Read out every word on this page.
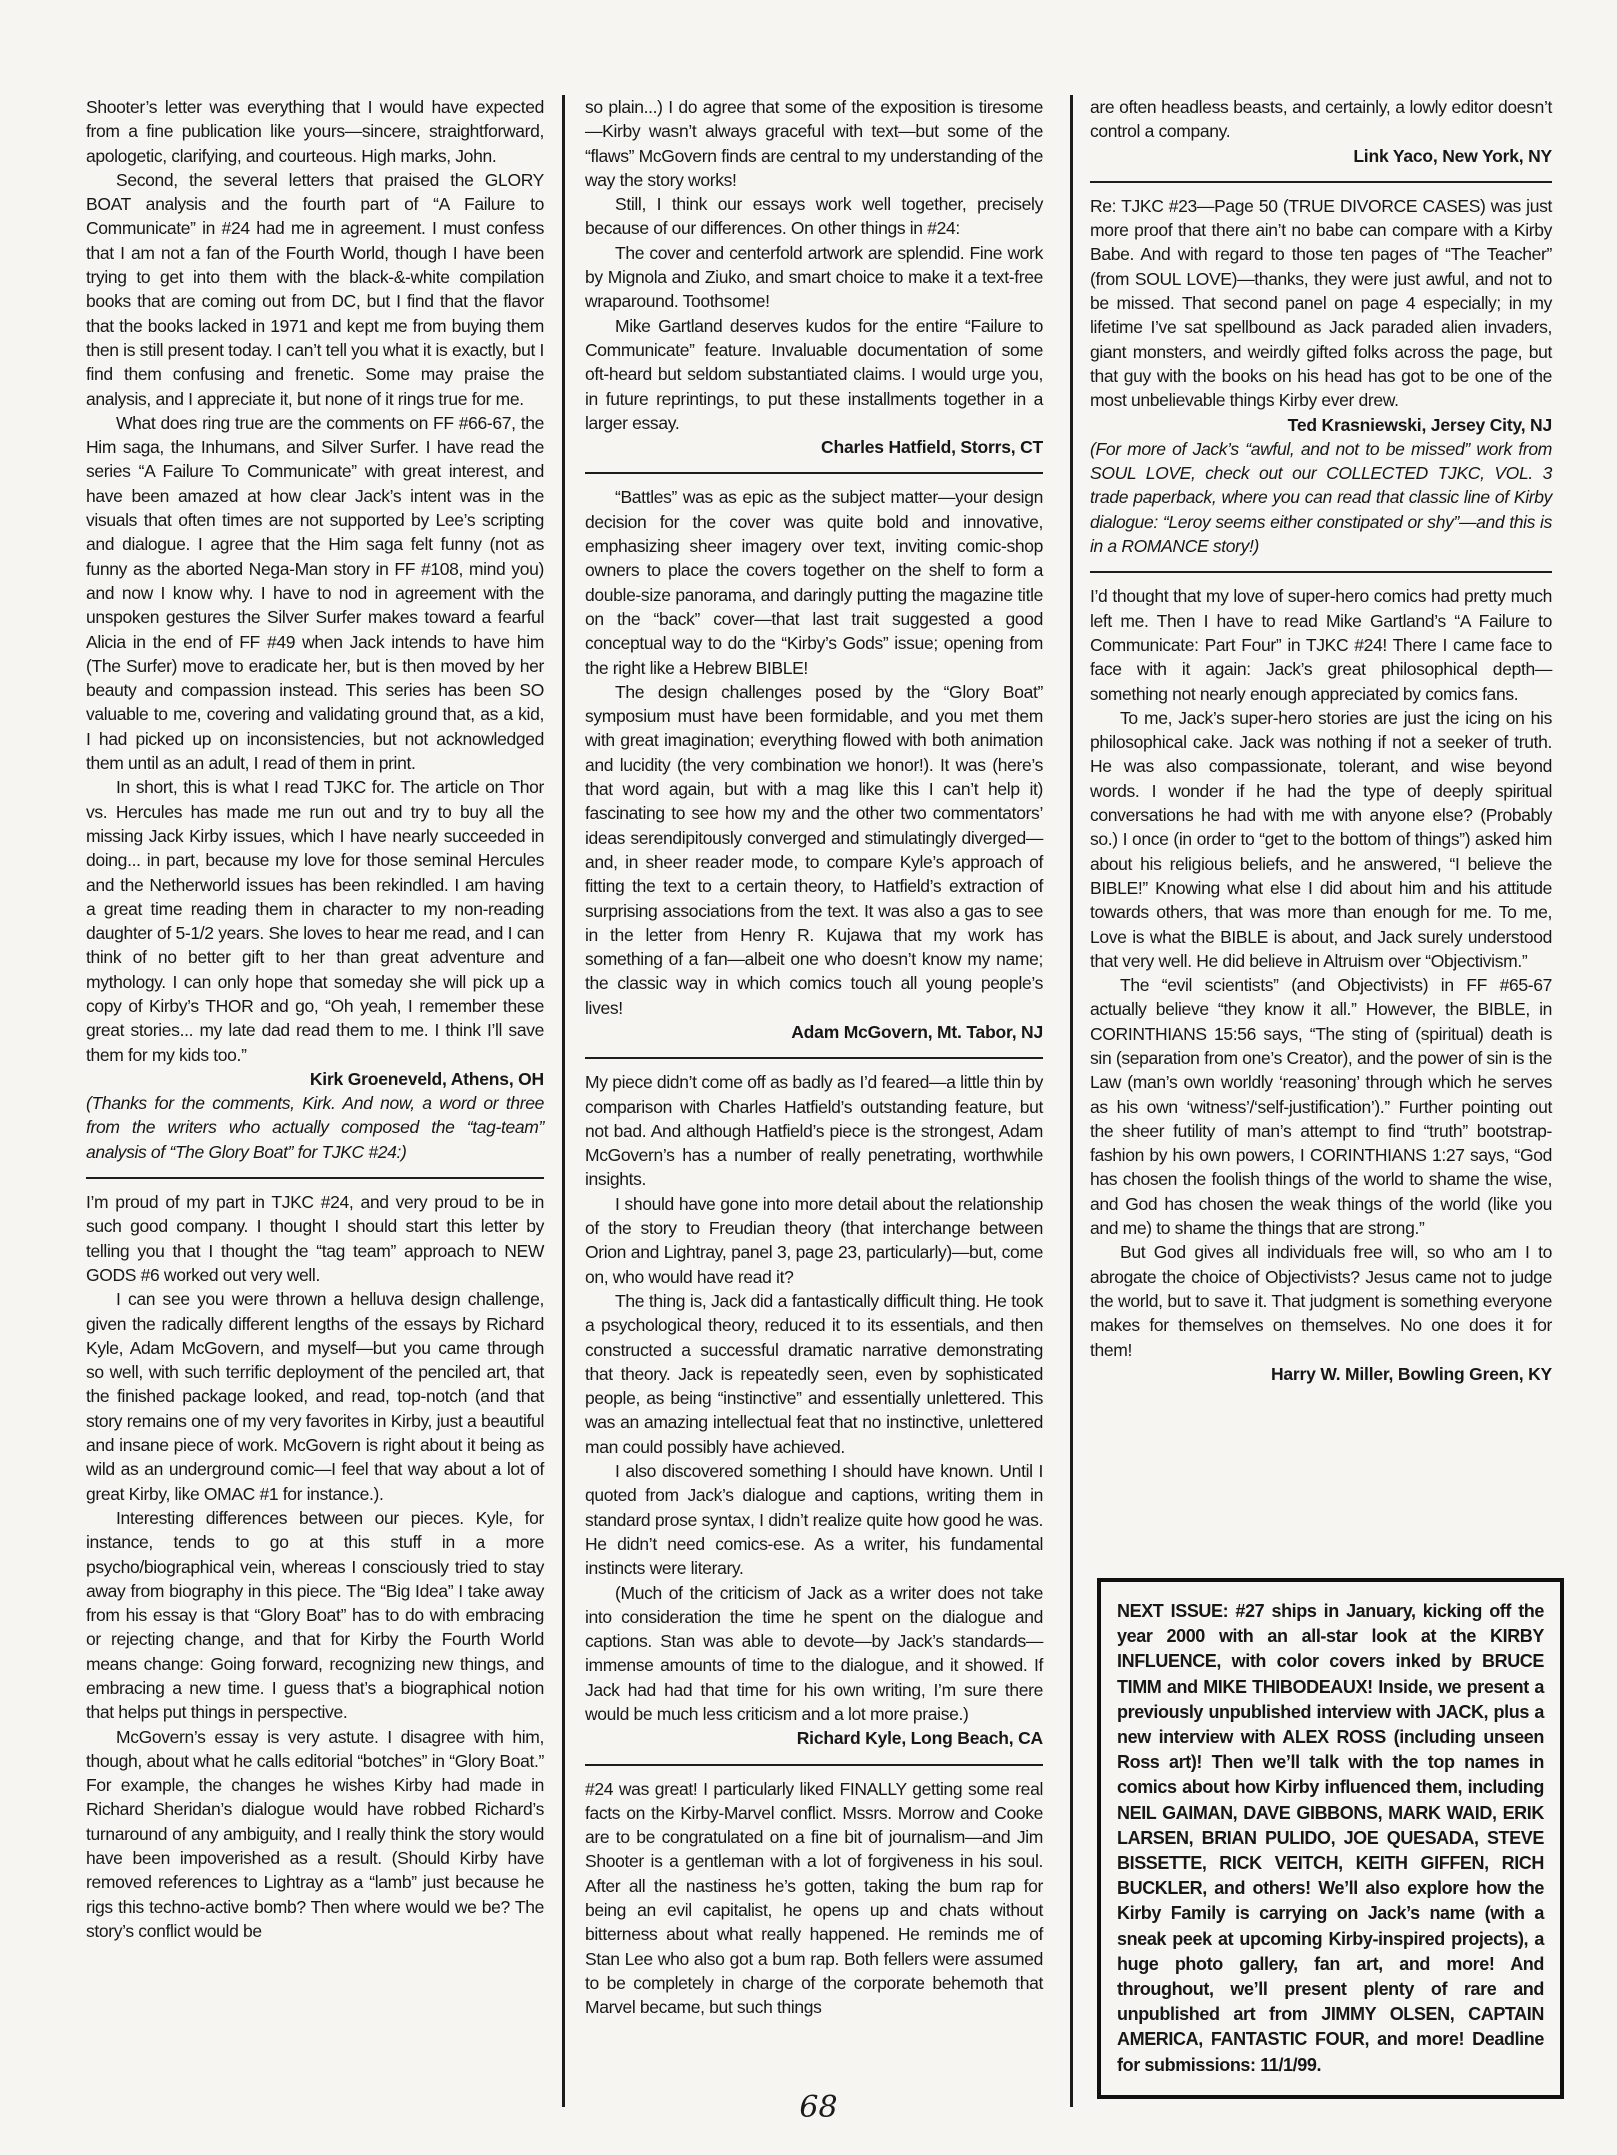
Shooter’s letter was everything that I would have expected from a fine publication like yours—sincere, straightforward, apologetic, clarifying, and courteous. High marks, John.

Second, the several letters that praised the GLORY BOAT analysis and the fourth part of “A Failure to Communicate” in #24 had me in agreement. I must confess that I am not a fan of the Fourth World, though I have been trying to get into them with the black-&-white compilation books that are coming out from DC, but I find that the flavor that the books lacked in 1971 and kept me from buying them then is still present today. I can’t tell you what it is exactly, but I find them confusing and frenetic. Some may praise the analysis, and I appreciate it, but none of it rings true for me.

What does ring true are the comments on FF #66-67, the Him saga, the Inhumans, and Silver Surfer. I have read the series “A Failure To Communicate” with great interest, and have been amazed at how clear Jack’s intent was in the visuals that often times are not supported by Lee’s scripting and dialogue. I agree that the Him saga felt funny (not as funny as the aborted Nega-Man story in FF #108, mind you) and now I know why. I have to nod in agreement with the unspoken gestures the Silver Surfer makes toward a fearful Alicia in the end of FF #49 when Jack intends to have him (The Surfer) move to eradicate her, but is then moved by her beauty and compassion instead. This series has been SO valuable to me, covering and validating ground that, as a kid, I had picked up on inconsistencies, but not acknowledged them until as an adult, I read of them in print.

In short, this is what I read TJKC for. The article on Thor vs. Hercules has made me run out and try to buy all the missing Jack Kirby issues, which I have nearly succeeded in doing... in part, because my love for those seminal Hercules and the Netherworld issues has been rekindled. I am having a great time reading them in character to my non-reading daughter of 5-1/2 years. She loves to hear me read, and I can think of no better gift to her than great adventure and mythology. I can only hope that someday she will pick up a copy of Kirby’s THOR and go, “Oh yeah, I remember these great stories... my late dad read them to me. I think I’ll save them for my kids too.”

Kirk Groeneveld, Athens, OH

(Thanks for the comments, Kirk. And now, a word or three from the writers who actually composed the “tag-team” analysis of “The Glory Boat” for TJKC #24:)

I’m proud of my part in TJKC #24, and very proud to be in such good company. I thought I should start this letter by telling you that I thought the “tag team” approach to NEW GODS #6 worked out very well.

I can see you were thrown a helluva design challenge, given the radically different lengths of the essays by Richard Kyle, Adam McGovern, and myself—but you came through so well, with such terrific deployment of the penciled art, that the finished package looked, and read, top-notch (and that story remains one of my very favorites in Kirby, just a beautiful and insane piece of work. McGovern is right about it being as wild as an underground comic—I feel that way about a lot of great Kirby, like OMAC #1 for instance.).

Interesting differences between our pieces. Kyle, for instance, tends to go at this stuff in a more psycho/biographical vein, whereas I consciously tried to stay away from biography in this piece. The “Big Idea” I take away from his essay is that “Glory Boat” has to do with embracing or rejecting change, and that for Kirby the Fourth World means change: Going forward, recognizing new things, and embracing a new time. I guess that’s a biographical notion that helps put things in perspective.

McGovern’s essay is very astute. I disagree with him, though, about what he calls editorial “botches” in “Glory Boat.” For example, the changes he wishes Kirby had made in Richard Sheridan’s dialogue would have robbed Richard’s turnaround of any ambiguity, and I really think the story would have been impoverished as a result. (Should Kirby have removed references to Lightray as a “lamb” just because he rigs this techno-active bomb? Then where would we be? The story’s conflict would be

so plain...) I do agree that some of the exposition is tiresome—Kirby wasn’t always graceful with text—but some of the “flaws” McGovern finds are central to my understanding of the way the story works!

Still, I think our essays work well together, precisely because of our differences. On other things in #24:

The cover and centerfold artwork are splendid. Fine work by Mignola and Ziuko, and smart choice to make it a text-free wraparound. Toothsome!

Mike Gartland deserves kudos for the entire “Failure to Communicate” feature. Invaluable documentation of some oft-heard but seldom substantiated claims. I would urge you, in future reprintings, to put these installments together in a larger essay.

Charles Hatfield, Storrs, CT

“Battles” was as epic as the subject matter—your design decision for the cover was quite bold and innovative, emphasizing sheer imagery over text, inviting comic-shop owners to place the covers together on the shelf to form a double-size panorama, and daringly putting the magazine title on the “back” cover—that last trait suggested a good conceptual way to do the “Kirby’s Gods” issue; opening from the right like a Hebrew BIBLE!

The design challenges posed by the “Glory Boat” symposium must have been formidable, and you met them with great imagination; everything flowed with both animation and lucidity (the very combination we honor!). It was (here’s that word again, but with a mag like this I can’t help it) fascinating to see how my and the other two commentators’ ideas serendipitously converged and stimulatingly diverged—and, in sheer reader mode, to compare Kyle’s approach of fitting the text to a certain theory, to Hatfield’s extraction of surprising associations from the text. It was also a gas to see in the letter from Henry R. Kujawa that my work has something of a fan—albeit one who doesn’t know my name; the classic way in which comics touch all young people’s lives!

Adam McGovern, Mt. Tabor, NJ

My piece didn’t come off as badly as I’d feared—a little thin by comparison with Charles Hatfield’s outstanding feature, but not bad. And although Hatfield’s piece is the strongest, Adam McGovern’s has a number of really penetrating, worthwhile insights.

I should have gone into more detail about the relationship of the story to Freudian theory (that interchange between Orion and Lightray, panel 3, page 23, particularly)—but, come on, who would have read it?

The thing is, Jack did a fantastically difficult thing. He took a psychological theory, reduced it to its essentials, and then constructed a successful dramatic narrative demonstrating that theory. Jack is repeatedly seen, even by sophisticated people, as being “instinctive” and essentially unlettered. This was an amazing intellectual feat that no instinctive, unlettered man could possibly have achieved.

I also discovered something I should have known. Until I quoted from Jack’s dialogue and captions, writing them in standard prose syntax, I didn’t realize quite how good he was. He didn’t need comics-ese. As a writer, his fundamental instincts were literary.

(Much of the criticism of Jack as a writer does not take into consideration the time he spent on the dialogue and captions. Stan was able to devote—by Jack’s standards—immense amounts of time to the dialogue, and it showed. If Jack had had that time for his own writing, I’m sure there would be much less criticism and a lot more praise.)

Richard Kyle, Long Beach, CA

#24 was great! I particularly liked FINALLY getting some real facts on the Kirby-Marvel conflict. Mssrs. Morrow and Cooke are to be congratulated on a fine bit of journalism—and Jim Shooter is a gentleman with a lot of forgiveness in his soul. After all the nastiness he’s gotten, taking the bum rap for being an evil capitalist, he opens up and chats without bitterness about what really happened. He reminds me of Stan Lee who also got a bum rap. Both fellers were assumed to be completely in charge of the corporate behemoth that Marvel became, but such things

are often headless beasts, and certainly, a lowly editor doesn’t control a company.

Link Yaco, New York, NY

Re: TJKC #23—Page 50 (TRUE DIVORCE CASES) was just more proof that there ain’t no babe can compare with a Kirby Babe. And with regard to those ten pages of “The Teacher” (from SOUL LOVE)—thanks, they were just awful, and not to be missed. That second panel on page 4 especially; in my lifetime I’ve sat spellbound as Jack paraded alien invaders, giant monsters, and weirdly gifted folks across the page, but that guy with the books on his head has got to be one of the most unbelievable things Kirby ever drew.

Ted Krasniewski, Jersey City, NJ

(For more of Jack’s “awful, and not to be missed” work from SOUL LOVE, check out our COLLECTED TJKC, VOL. 3 trade paperback, where you can read that classic line of Kirby dialogue: “Leroy seems either constipated or shy”—and this is in a ROMANCE story!)

I’d thought that my love of super-hero comics had pretty much left me. Then I have to read Mike Gartland’s “A Failure to Communicate: Part Four” in TJKC #24! There I came face to face with it again: Jack’s great philosophical depth—something not nearly enough appreciated by comics fans.

To me, Jack’s super-hero stories are just the icing on his philosophical cake. Jack was nothing if not a seeker of truth. He was also compassionate, tolerant, and wise beyond words. I wonder if he had the type of deeply spiritual conversations he had with me with anyone else? (Probably so.) I once (in order to “get to the bottom of things”) asked him about his religious beliefs, and he answered, “I believe the BIBLE!” Knowing what else I did about him and his attitude towards others, that was more than enough for me. To me, Love is what the BIBLE is about, and Jack surely understood that very well. He did believe in Altruism over “Objectivism.”

The “evil scientists” (and Objectivists) in FF #65-67 actually believe “they know it all.” However, the BIBLE, in CORINTHIANS 15:56 says, “The sting of (spiritual) death is sin (separation from one’s Creator), and the power of sin is the Law (man’s own worldly ‘reasoning’ through which he serves as his own ‘witness’/‘self-justification’).” Further pointing out the sheer futility of man’s attempt to find “truth” bootstrap-fashion by his own powers, I CORINTHIANS 1:27 says, “God has chosen the foolish things of the world to shame the wise, and God has chosen the weak things of the world (like you and me) to shame the things that are strong.”

But God gives all individuals free will, so who am I to abrogate the choice of Objectivists? Jesus came not to judge the world, but to save it. That judgment is something everyone makes for themselves on themselves. No one does it for them!

Harry W. Miller, Bowling Green, KY

NEXT ISSUE: #27 ships in January, kicking off the year 2000 with an all-star look at the KIRBY INFLUENCE, with color covers inked by BRUCE TIMM and MIKE THIBODEAUX! Inside, we present a previously unpublished interview with JACK, plus a new interview with ALEX ROSS (including unseen Ross art)! Then we’ll talk with the top names in comics about how Kirby influenced them, including NEIL GAIMAN, DAVE GIBBONS, MARK WAID, ERIK LARSEN, BRIAN PULIDO, JOE QUESADA, STEVE BISSETTE, RICK VEITCH, KEITH GIFFEN, RICH BUCKLER, and others! We’ll also explore how the Kirby Family is carrying on Jack’s name (with a sneak peek at upcoming Kirby-inspired projects), a huge photo gallery, fan art, and more! And throughout, we’ll present plenty of rare and unpublished art from JIMMY OLSEN, CAPTAIN AMERICA, FANTASTIC FOUR, and more! Deadline for submissions: 11/1/99.

68
